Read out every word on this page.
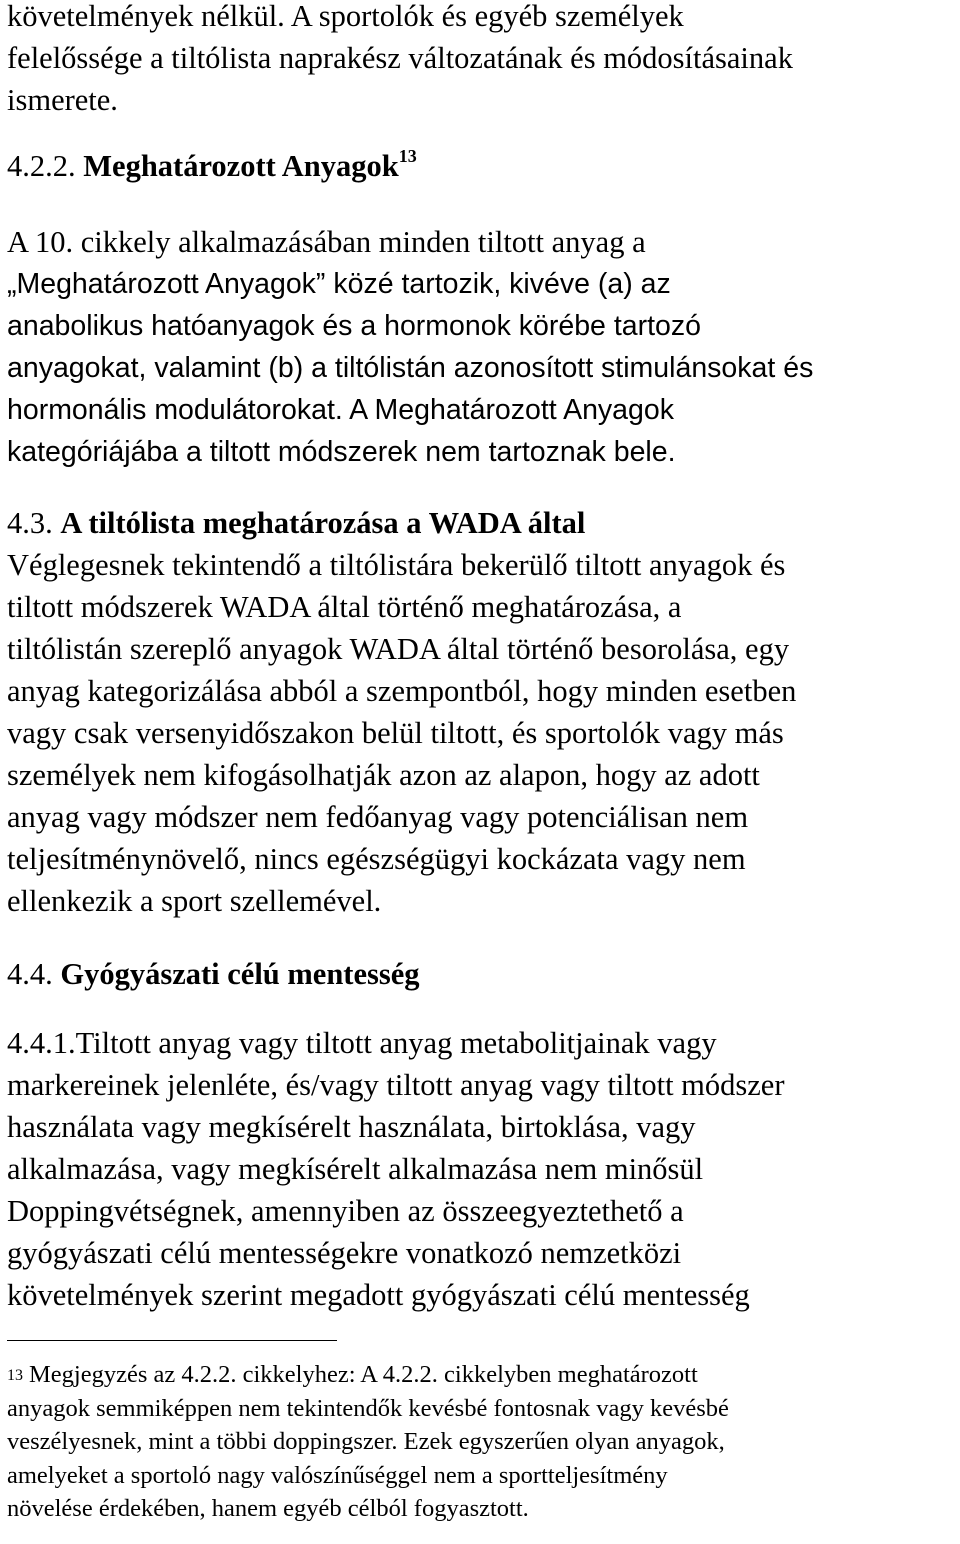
követelmények nélkül. A sportolók és egyéb személyek
felelőssége a tiltólista naprakész változatának és módosításainak
ismerete.
4.2.2. Meghatározott Anyagok$^{13}$
A 10. cikkely alkalmazásában minden tiltott anyag a
„Meghatározott Anyagok” közé tartozik, kivéve (a) az
anabolikus hatóanyagok és a hormonok körébe tartozó
anyagokat, valamint (b) a tiltólistán azonosított stimulánsokat és
hormonális modulátorokat. A Meghatározott Anyagok
kategóriájába a tiltott módszerek nem tartoznak bele.
4.3. A tiltólista meghatározása a WADA által
Véglegesnek tekintendő a tiltólistára bekerülő tiltott anyagok és
tiltott módszerek WADA által történő meghatározása, a
tiltólistán szereplő anyagok WADA által történő besorolása, egy
anyag kategorizálása abból a szempontból, hogy minden esetben
vagy csak versenyidőszakon belül tiltott, és sportolók vagy más
személyek nem kifogásolhatják azon az alapon, hogy az adott
anyag vagy módszer nem fedőanyag vagy potenciálisan nem
teljesítménynövelő, nincs egészségügyi kockázata vagy nem
ellenkezik a sport szellemével.
4.4. Gyógyászati célú mentesség
4.4.1.Tiltott anyag vagy tiltott anyag metabolitjainak vagy
markereinek jelenléte, és/vagy tiltott anyag vagy tiltott módszer
használata vagy megkísérelt használata, birtoklása, vagy
alkalmazása, vagy megkísérelt alkalmazása nem minősül
Doppingvétségnek, amennyiben az összeegyeztethető a
gyógyászati célú mentességekre vonatkozó nemzetközi
követelmények szerint megadott gyógyászati célú mentesség
13 Megjegyzés az 4.2.2. cikkelyhez: A 4.2.2. cikkelyben meghatározott
anyagok semmiképpen nem tekintendők kevésbé fontosnak vagy kevésbé
veszélyesnek, mint a többi doppingszer. Ezek egyszerűen olyan anyagok,
amelyeket a sportoló nagy valószínűséggel nem a sportteljesítmény
növelése érdekében, hanem egyéb célból fogyasztott.
